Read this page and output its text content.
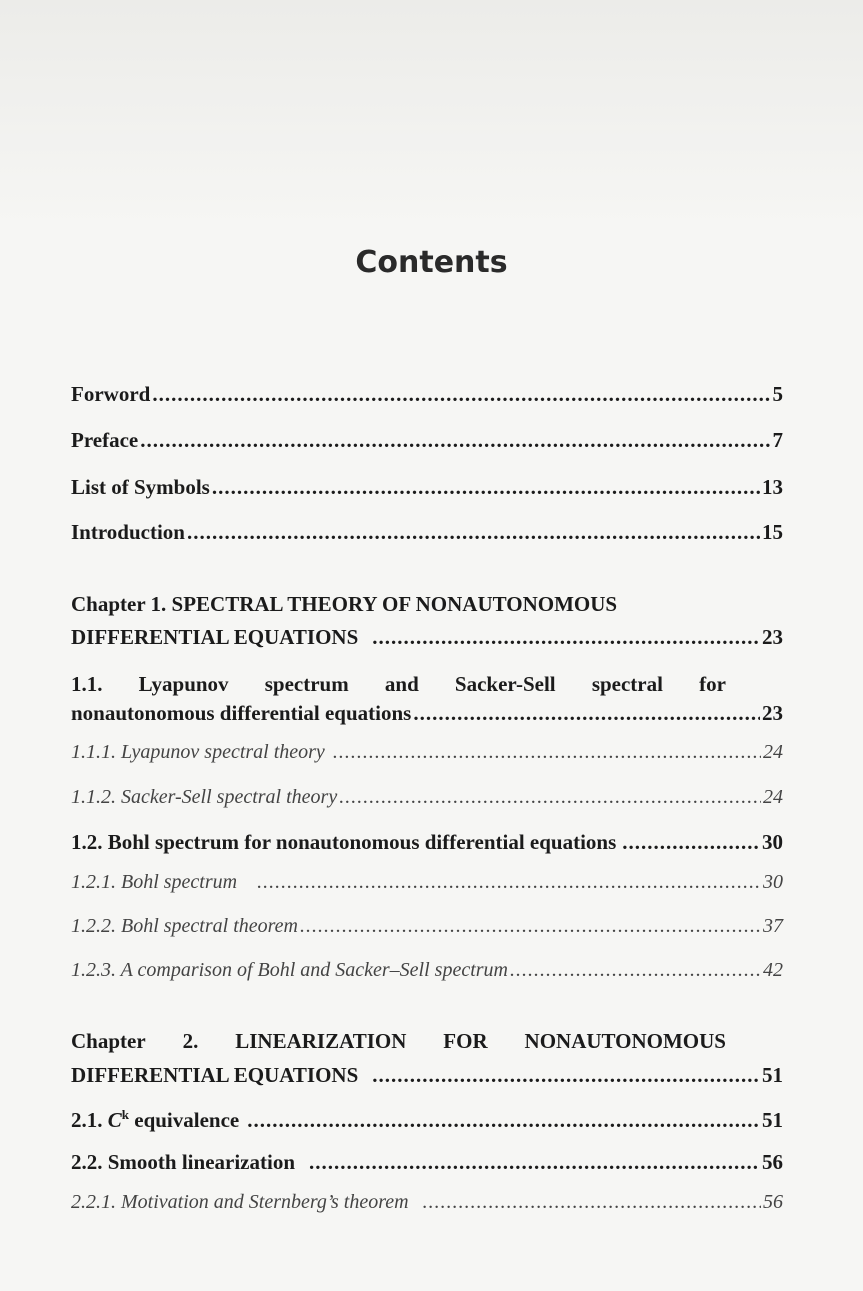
Contents
Forword .....	5
Preface .....	7
List of Symbols .....	13
Introduction .....	15
Chapter 1. SPECTRAL THEORY OF NONAUTONOMOUS
DIFFERENTIAL EQUATIONS .....	23
1.1. Lyapunov spectrum and Sacker-Sell spectral for
nonautonomous differential equations .....	23
1.1.1. Lyapunov spectral theory .....	24
1.1.2. Sacker-Sell spectral theory .....	24
1.2. Bohl spectrum for nonautonomous differential equations .....	30
1.2.1. Bohl spectrum .....	30
1.2.2. Bohl spectral theorem .....	37
1.2.3. A comparison of Bohl and Sacker–Sell spectrum .....	42
Chapter 2. LINEARIZATION FOR NONAUTONOMOUS
DIFFERENTIAL EQUATIONS .....	51
2.1. $C^k$ equivalence .....	51
2.2. Smooth linearization .....	56
2.2.1. Motivation and Sternberg’s theorem .....	56
